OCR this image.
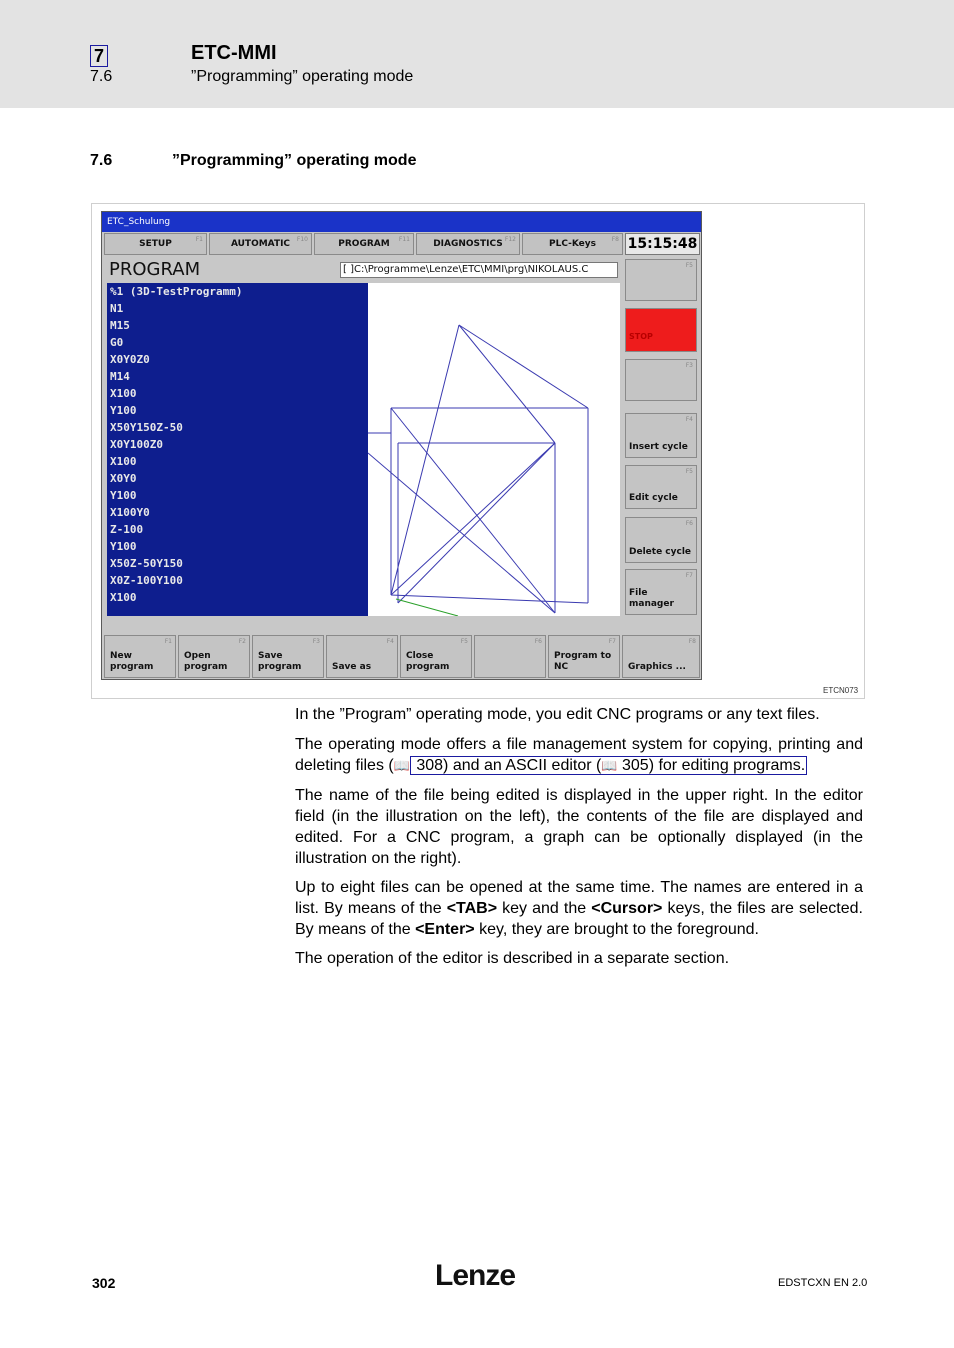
7	ETC-MMI
7.6	”Programming” operating mode
7.6	”Programming” operating mode
ETCN073
ETC_Schulung
SETUP	F1	AUTOMATIC F10	PROGRAM F11	DIAGNOSTICS F12	PLC-Keys	F8 15:15:48
PROGRAM	[ ]C:\Programme\Lenze\ETC\MMI\prg\NIKOLAUS.C
%1 (3D-TestProgramm)
N1
M15
G0
X0Y0Z0
M14
X100
Y100
X50Y150Z-50
X0Y100Z0
X100
X0Y0
Y100
X100Y0
Z-100
Y100
X50Z-50Y150
X0Z-100Y100
X100
F5
STOP
F3
F4
Insert cycle
F5
Edit cycle
F6
Delete cycle
F7
File
manager
F1
New
program
F2
Open
program
F3
Save
program
F4
Save as
F5
Close
program
F6	F7
Program to
NC
F8
Graphics ...

In the ”Program” operating mode, you edit CNC programs or any text files.

The operating mode offers a file management system for copying, printing and deleting files (📖 308) and an ASCII editor (📖 305) for editing programs.

The name of the file being edited is displayed in the upper right. In the editor field (in the illustration on the left), the contents of the file are displayed and edited. For a CNC program, a graph can be optionally displayed (in the illustration on the right).

Up to eight files can be opened at the same time. The names are entered in a list. By means of the <TAB> key and the <Cursor> keys, the files are selected. By means of the <Enter> key, they are brought to the foreground.

The operation of the editor is described in a separate section.

302	Lenze	EDSTCXN EN 2.0
